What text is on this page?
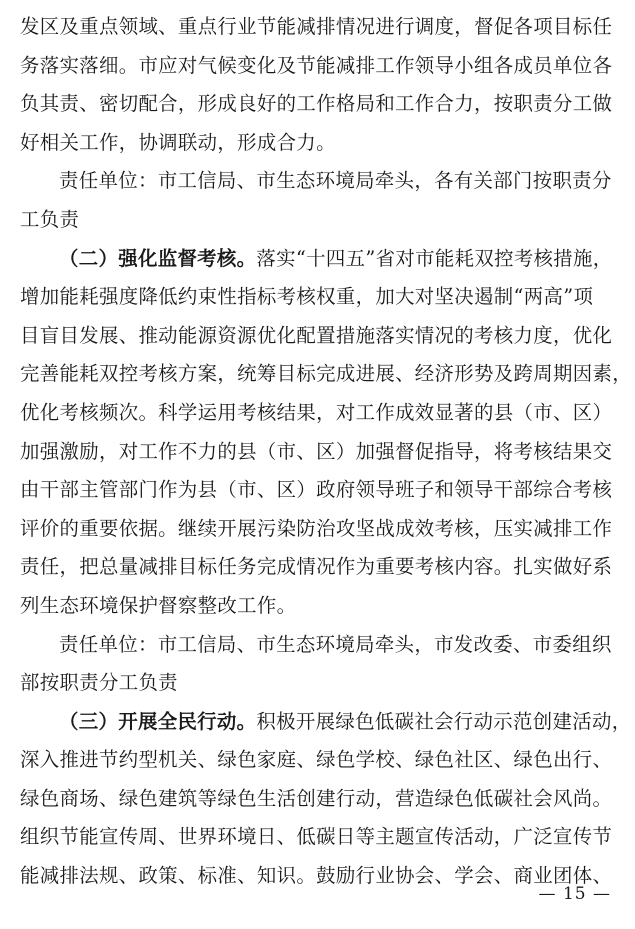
发区及重点领域、重点行业节能减排情况进行调度，督促各项目标任
务落实落细。市应对气候变化及节能减排工作领导小组各成员单位各
负其责、密切配合，形成良好的工作格局和工作合力，按职责分工做
好相关工作，协调联动，形成合力。
责任单位：市工信局、市生态环境局牵头，各有关部门按职责分
工负责
（二）强化监督考核。落实“十四五”省对市能耗双控考核措施，
增加能耗强度降低约束性指标考核权重，加大对坚决遏制“两高”项
目盲目发展、推动能源资源优化配置措施落实情况的考核力度，优化
完善能耗双控考核方案，统筹目标完成进展、经济形势及跨周期因素，
优化考核频次。科学运用考核结果，对工作成效显著的县（市、区）
加强激励，对工作不力的县（市、区）加强督促指导，将考核结果交
由干部主管部门作为县（市、区）政府领导班子和领导干部综合考核
评价的重要依据。继续开展污染防治攻坚战成效考核，压实减排工作
责任，把总量减排目标任务完成情况作为重要考核内容。扎实做好系
列生态环境保护督察整改工作。
责任单位：市工信局、市生态环境局牵头，市发改委、市委组织
部按职责分工负责
（三）开展全民行动。积极开展绿色低碳社会行动示范创建活动，
深入推进节约型机关、绿色家庭、绿色学校、绿色社区、绿色出行、
绿色商场、绿色建筑等绿色生活创建行动，营造绿色低碳社会风尚。
组织节能宣传周、世界环境日、低碳日等主题宣传活动，广泛宣传节
能减排法规、政策、标准、知识。鼓励行业协会、学会、商业团体、
— 15 —
